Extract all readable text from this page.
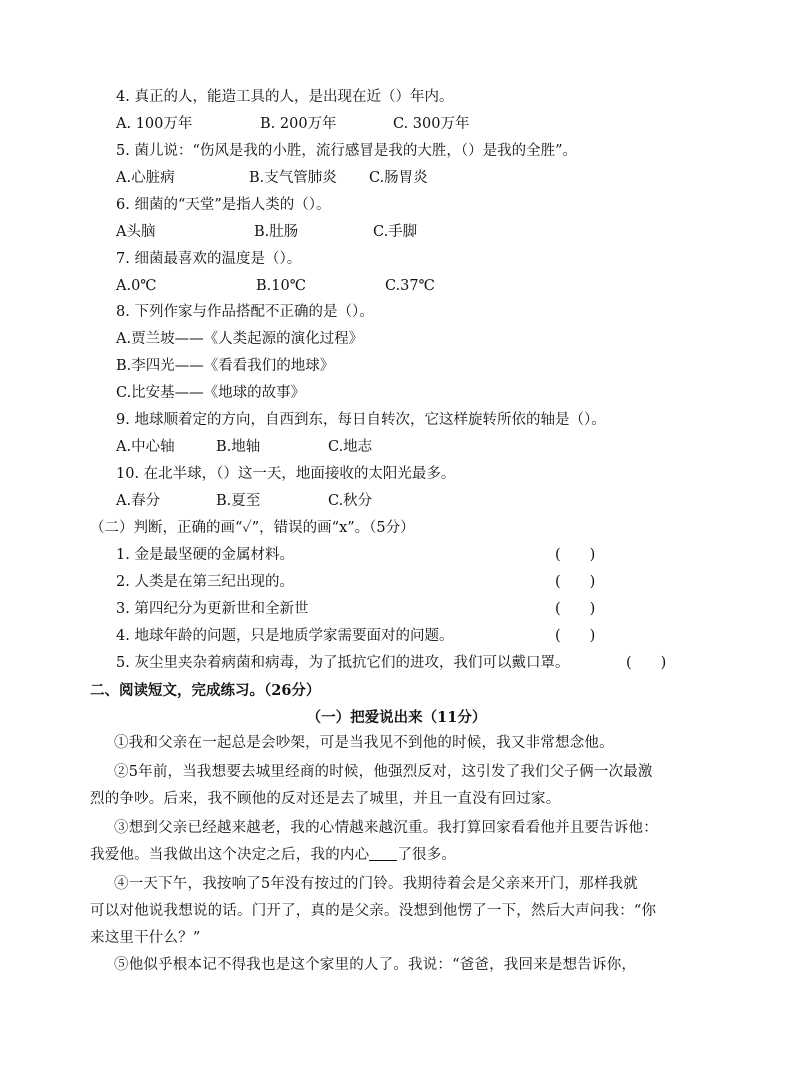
4. 真正的人，能造工具的人，是出现在近（）年内。
A. 100万年	B. 200万年	C. 300万年
5. 菌儿说：“伤风是我的小胜，流行感冒是我的大胜，（）是我的全胜”。
A.心脏病	B.支气管肺炎 C.肠胃炎
6. 细菌的“天堂”是指人类的（）。
A头脑	B.肚肠	C.手脚
7. 细菌最喜欢的温度是（）。
A.0℃	B.10℃	C.37℃
8. 下列作家与作品搭配不正确的是（）。
A.贾兰坡——《人类起源的演化过程》
B.李四光——《看看我们的地球》
C.比安基——《地球的故事》
9. 地球顺着定的方向，自西到东，每日自转次，它这样旋转所依的轴是（）。
A.中心轴	B.地轴	C.地志
10. 在北半球，（）这一天，地面接收的太阳光最多。
A.春分	B.夏至	C.秋分
（二）判断，正确的画“✓”，错误的画“x”。（5分）
1. 金是最坚硬的金属材料。	(　　)
2. 人类是在第三纪出现的。	(　　)
3. 第四纪分为更新世和全新世	(　　)
4. 地球年龄的问题，只是地质学家需要面对的问题。	(　　)
5. 灰尘里夹杂着病菌和病毒，为了抵抗它们的进攻，我们可以戴口罩。	(　　)
二、阅读短文，完成练习。（26分）
（一）把爱说出来（11分）
①我和父亲在一起总是会吵架，可是当我见不到他的时候，我又非常想念他。
②5年前，当我想要去城里经商的时候，他强烈反对，这引发了我们父子俩一次最激
烈的争吵。后来，我不顾他的反对还是去了城里，并且一直没有回过家。
③想到父亲已经越来越老，我的心情越来越沉重。我打算回家看看他并且要告诉他：
我爱他。当我做出这个决定之后，我的内心 了很多。
④一天下午，我按响了5年没有按过的门铃。我期待着会是父亲来开门，那样我就
可以对他说我想说的话。门开了，真的是父亲。没想到他愣了一下，然后大声问我：“你
来这里干什么？”
⑤他似乎根本记不得我也是这个家里的人了。我说：“爸爸，我回来是想告诉你，
